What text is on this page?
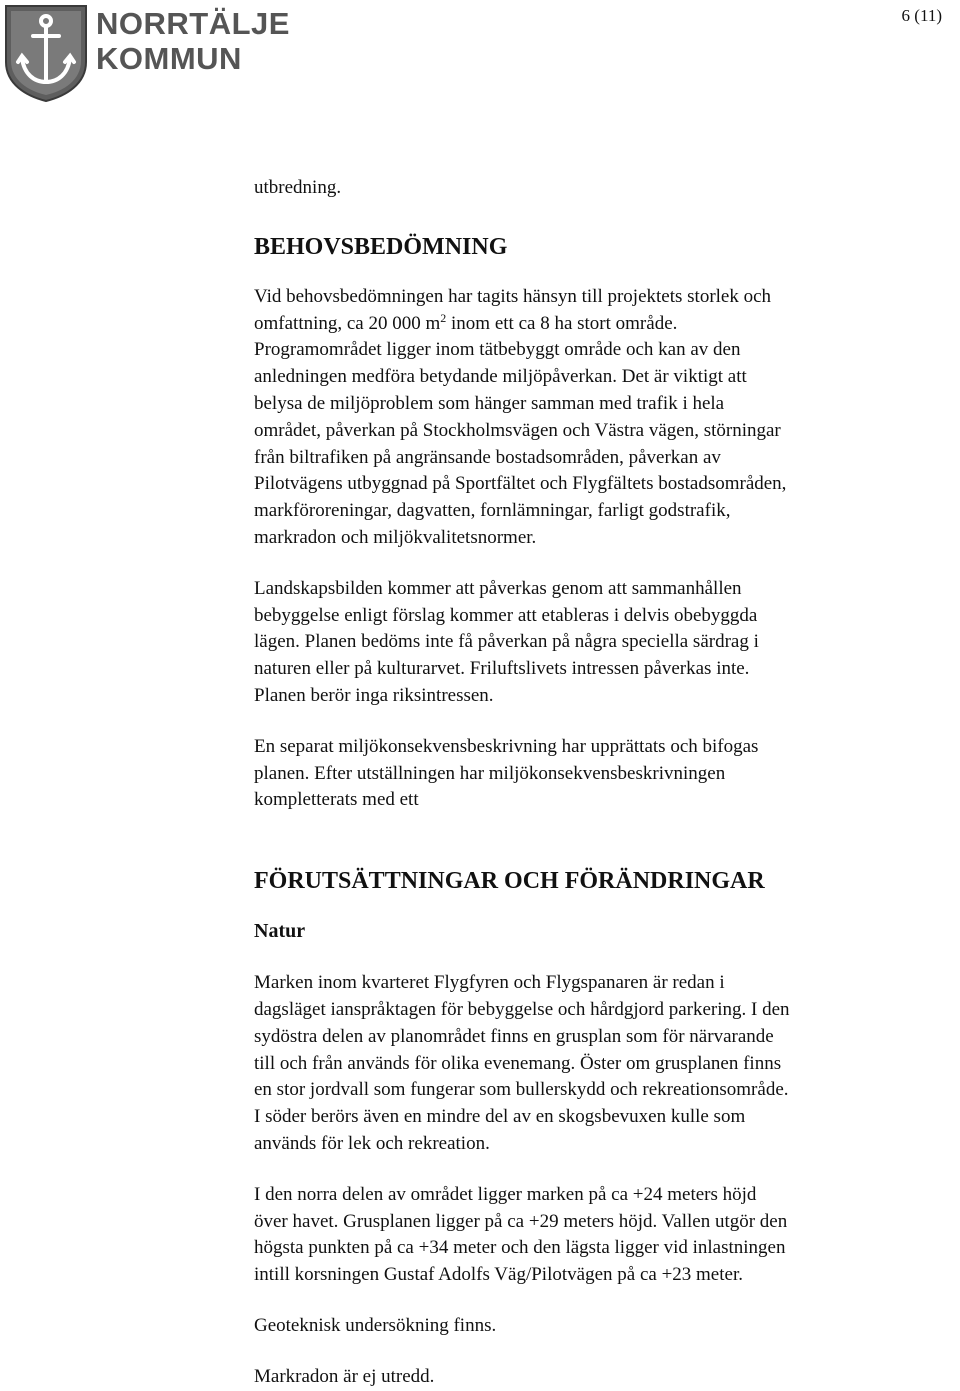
NORRTÄLJE
KOMMUN
6 (11)

utbredning.

BEHOVSBEDÖMNING

Vid behovsbedömningen har tagits hänsyn till projektets storlek och

omfattning, ca 20 000 $m^2$ inom ett ca 8 ha stort område.

Programområdet ligger inom tätbebyggt område och kan av den

anledningen medföra betydande miljöpåverkan. Det är viktigt att

belysa de miljöproblem som hänger samman med trafik i hela

området, påverkan på Stockholmsvägen och Västra vägen, störningar

från biltrafiken på angränsande bostadsområden, påverkan av

Pilotvägens utbyggnad på Sportfältet och Flygfältets bostadsområden,

markföroreningar, dagvatten, fornlämningar, farligt godstrafik,

markradon och miljökvalitetsnormer.

Landskapsbilden kommer att påverkas genom att sammanhållen

bebyggelse enligt förslag kommer att etableras i delvis obebyggda

lägen. Planen bedöms inte få påverkan på några speciella särdrag i

naturen eller på kulturarvet. Friluftslivets intressen påverkas inte.

Planen berör inga riksintressen.

En separat miljökonsekvensbeskrivning har upprättats och bifogas

planen. Efter utställningen har miljökonsekvensbeskrivningen

kompletterats med ett

FÖRUTSÄTTNINGAR OCH FÖRÄNDRINGAR
Natur

Marken inom kvarteret Flygfyren och Flygspanaren är redan i

dagsläget ianspråktagen för bebyggelse och hårdgjord parkering. I den

sydöstra delen av planområdet finns en grusplan som för närvarande

till och från används för olika evenemang. Öster om grusplanen finns

en stor jordvall som fungerar som bullerskydd och rekreationsområde.

I söder berörs även en mindre del av en skogsbevuxen kulle som

används för lek och rekreation.

I den norra delen av området ligger marken på ca +24 meters höjd

över havet. Grusplanen ligger på ca +29 meters höjd. Vallen utgör den

högsta punkten på ca +34 meter och den lägsta ligger vid inlastningen

intill korsningen Gustaf Adolfs Väg/Pilotvägen på ca +23 meter.

Geoteknisk undersökning finns.

Markradon är ej utredd.
